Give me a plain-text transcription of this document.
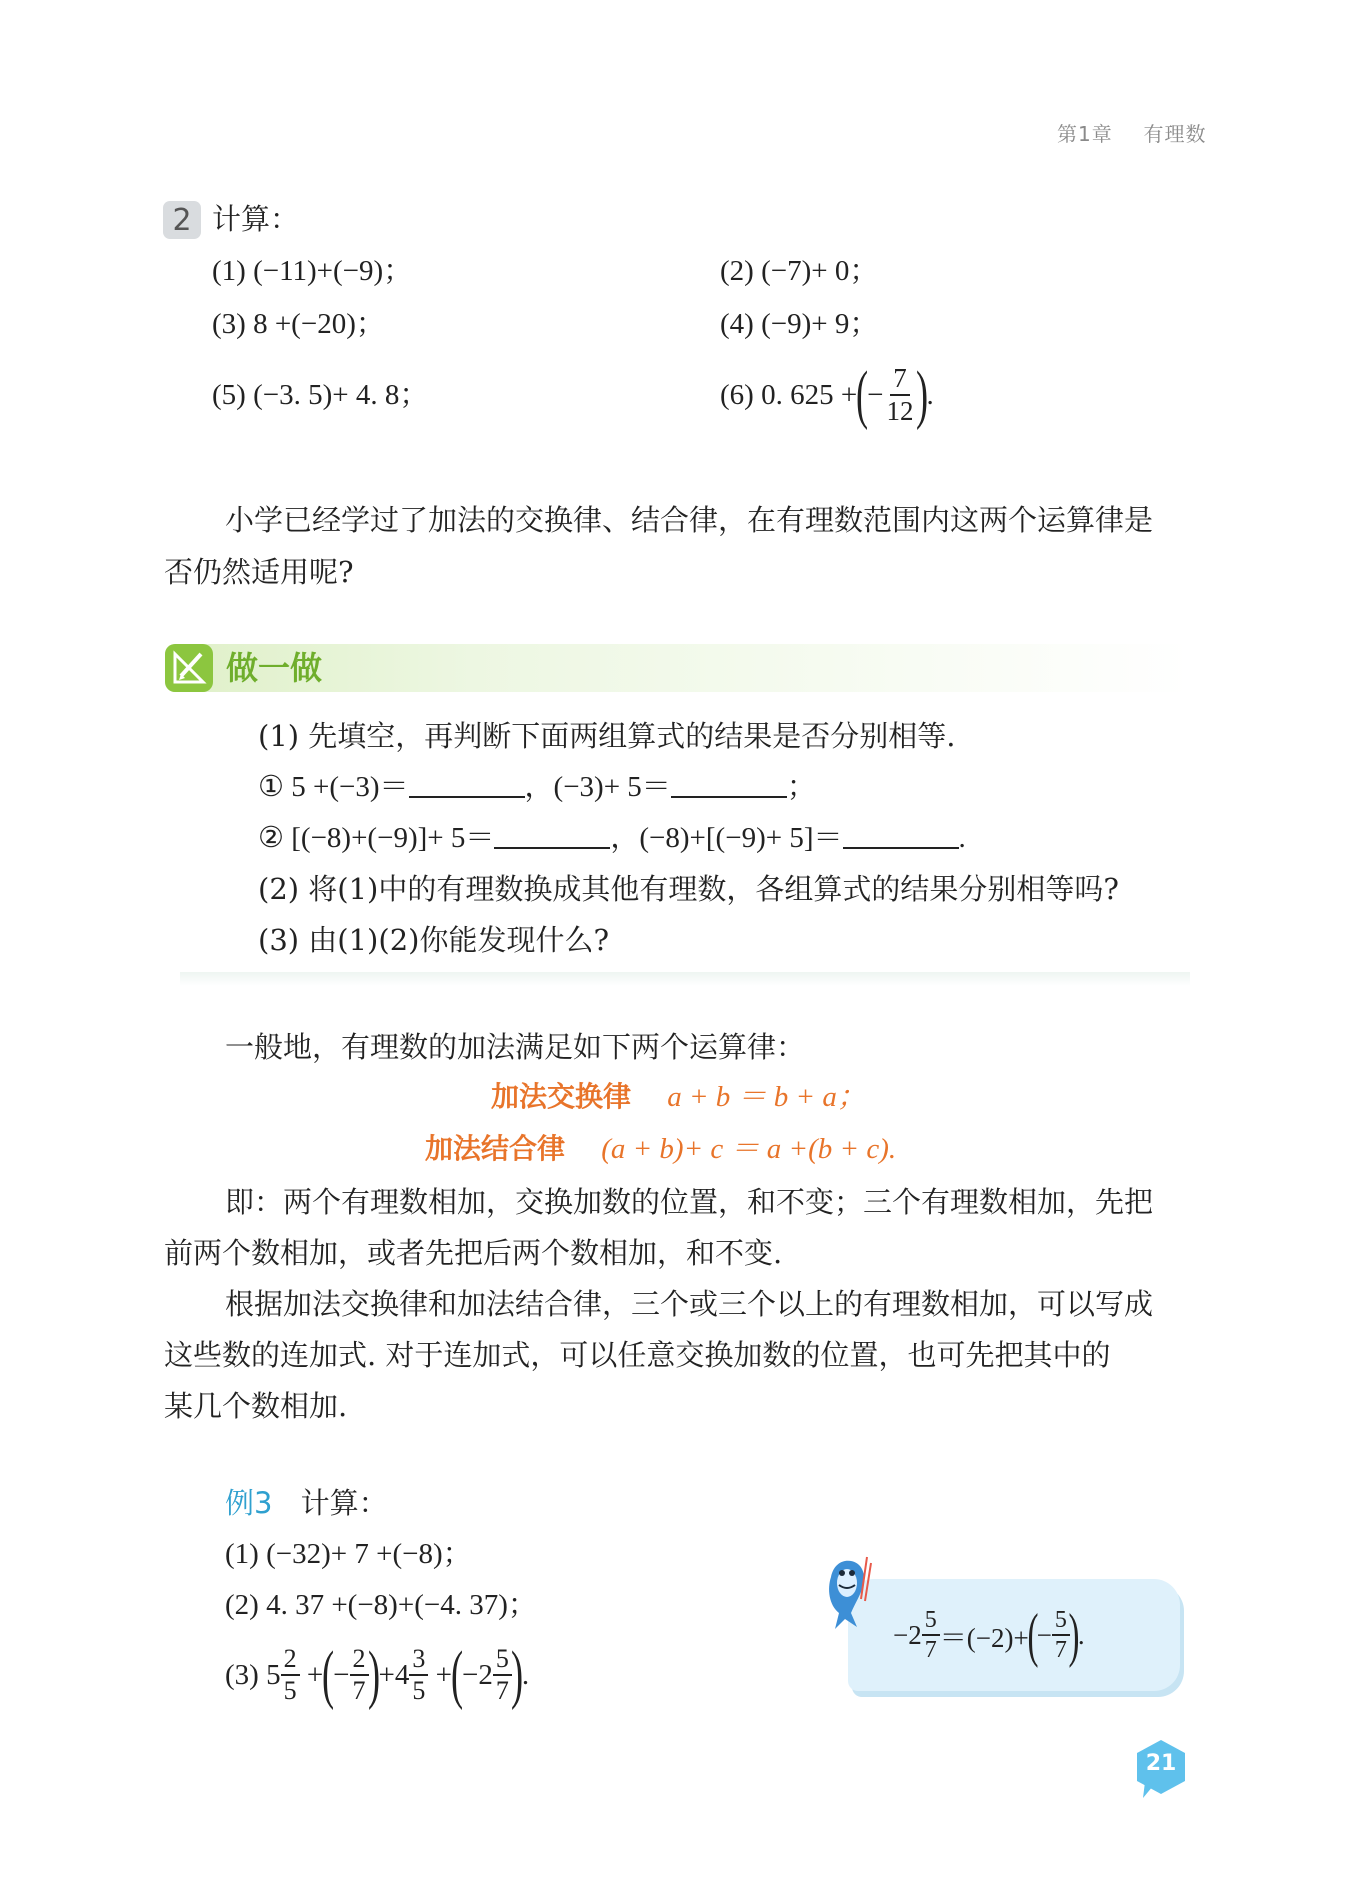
第1章 有理数
2 计算：
(1) (−11)+(−9)；	(2) (−7)+ 0；
(3) 8 +(−20)；	(4) (−9)+ 9；
(5) (−3. 5)+ 4. 8；	(6)
0. 625 +
(
− $\frac{7}{12}$
)
.
小学已经学过了加法的交换律、结合律，在有理数范围内这两个运算律是
否仍然适用呢?
做一做
(1) 先填空，再判断下面两组算式的结果是否分别相等.
① 5 +(−3)＝	，(−3)+ 5＝	；
② [(−8)+(−9)]+ 5＝	，(−8)+[(−9)+ 5]＝	.
(2) 将(1)中的有理数换成其他有理数，各组算式的结果分别相等吗?
(3) 由(1)(2)你能发现什么?
一般地，有理数的加法满足如下两个运算律：
加法交换律 a + b ＝ b + a；
加法结合律 (a + b)+ c ＝ a +(b + c).
即：两个有理数相加，交换加数的位置，和不变；三个有理数相加，先把
前两个数相加，或者先把后两个数相加，和不变.
根据加法交换律和加法结合律，三个或三个以上的有理数相加，可以写成
这些数的连加式. 对于连加式，可以任意交换加数的位置，也可先把其中的
某几个数相加.
例3 计算：
(1) (−32)+ 7 +(−8)；
(2) 4. 37 +(−8)+(−4. 37)；
(3)
$5 \frac{2}{5}$ +
(
− $\frac{2}{7}$
)
+ $4 \frac{3}{5}$ +
(
− $2 \frac{5}{7}$
)
.
$-2 \frac{5}{7} =(-2)+$
(
− $\frac{5}{7}$
)
.
21
